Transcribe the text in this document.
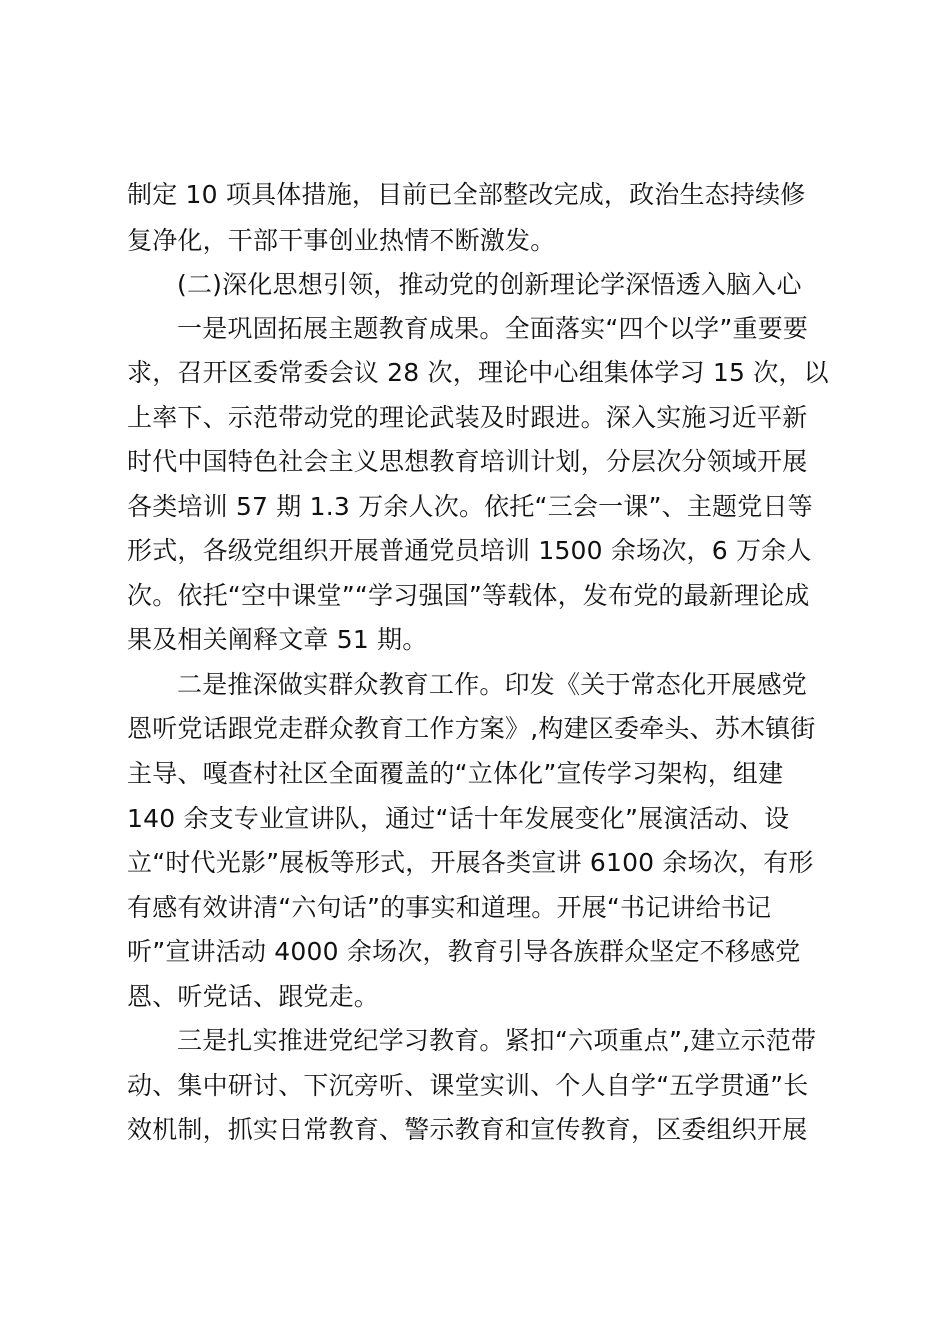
制定 10 项具体措施，目前已全部整改完成，政治生态持续修
复净化，干部干事创业热情不断激发。
(二)深化思想引领，推动党的创新理论学深悟透入脑入心
一是巩固拓展主题教育成果。全面落实“四个以学”重要要
求，召开区委常委会议 28 次，理论中心组集体学习 15 次，以
上率下、示范带动党的理论武装及时跟进。深入实施习近平新
时代中国特色社会主义思想教育培训计划，分层次分领域开展
各类培训 57 期 1.3 万余人次。依托“三会一课”、主题党日等
形式，各级党组织开展普通党员培训 1500 余场次，6 万余人
次。依托“空中课堂”“学习强国”等载体，发布党的最新理论成
果及相关阐释文章 51 期。
二是推深做实群众教育工作。印发《关于常态化开展感党
恩听党话跟党走群众教育工作方案》,构建区委牵头、苏木镇街
主导、嘎查村社区全面覆盖的“立体化”宣传学习架构，组建
140 余支专业宣讲队，通过“话十年发展变化”展演活动、设
立“时代光影”展板等形式，开展各类宣讲 6100 余场次，有形
有感有效讲清“六句话”的事实和道理。开展“书记讲给书记
听”宣讲活动 4000 余场次，教育引导各族群众坚定不移感党
恩、听党话、跟党走。
三是扎实推进党纪学习教育。紧扣“六项重点”,建立示范带
动、集中研讨、下沉旁听、课堂实训、个人自学“五学贯通”长
效机制，抓实日常教育、警示教育和宣传教育，区委组织开展
